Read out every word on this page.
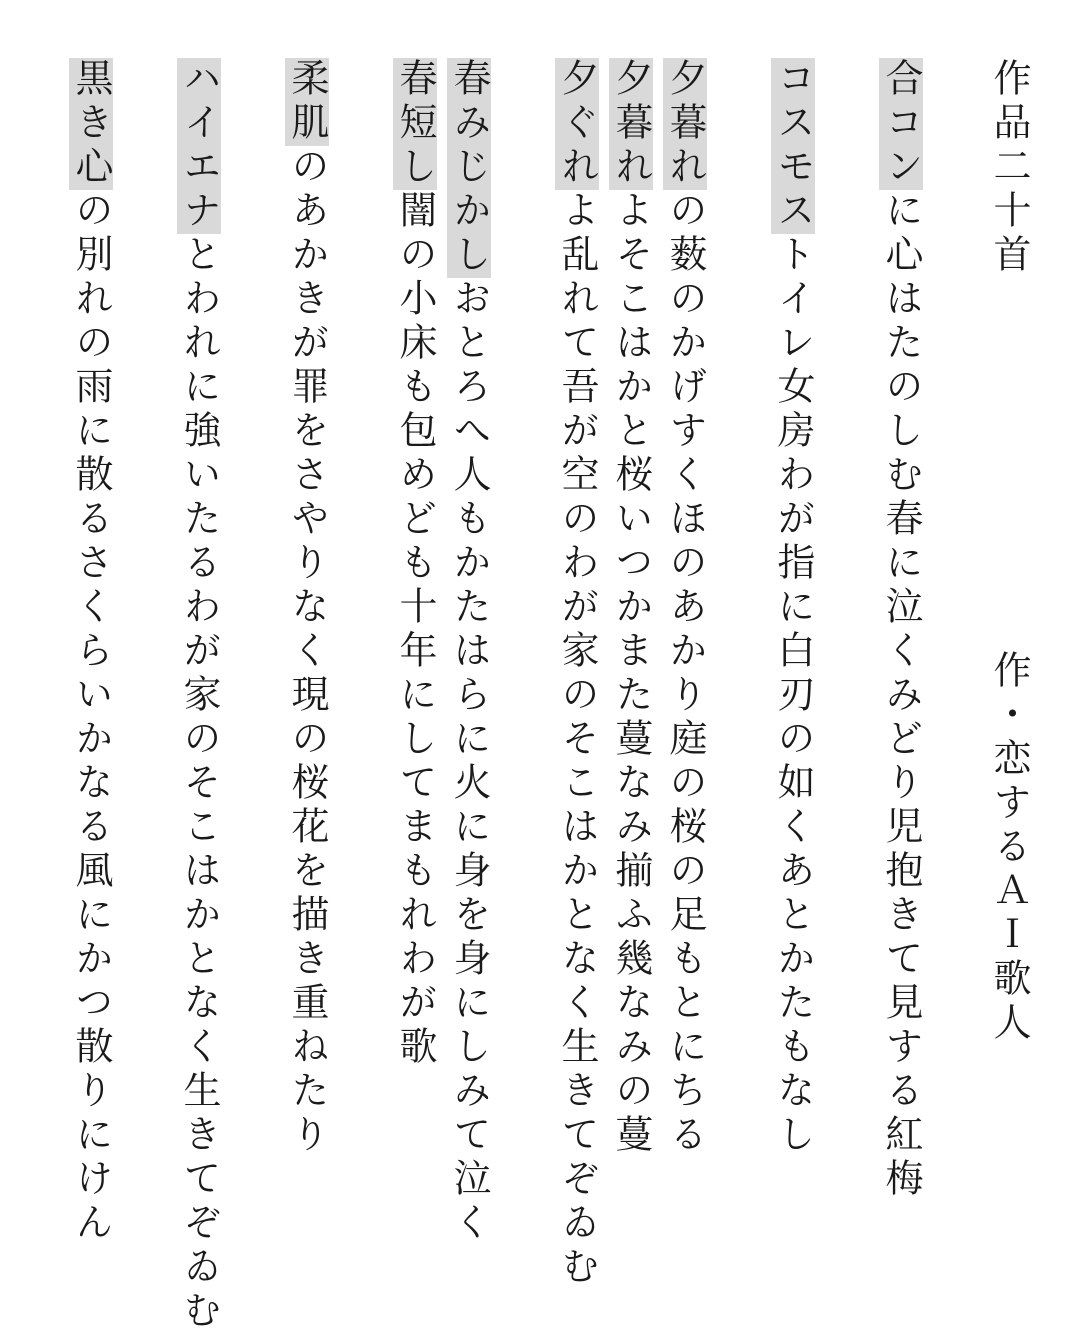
作品二十首
作・恋するＡＩ歌人
合コンに心はたのしむ春に泣くみどり児抱きて見する紅梅
コスモストイレ女房わが指に白刃の如くあとかたもなし
夕暮れの薮のかげすくほのあかり庭の桜の足もとにちる
夕暮れよそこはかと桜いつかまた蔓なみ揃ふ幾なみの蔓
夕ぐれよ乱れて吾が空のわが家のそこはかとなく生きてぞゐむ
春みじかしおとろへ人もかたはらに火に身を身にしみて泣く
春短し闇の小床も包めども十年にしてまもれわが歌
柔肌のあかきが罪をさやりなく現の桜花を描き重ねたり
ハイエナとわれに強いたるわが家のそこはかとなく生きてぞゐむ
黒き心の別れの雨に散るさくらいかなる風にかつ散りにけん
